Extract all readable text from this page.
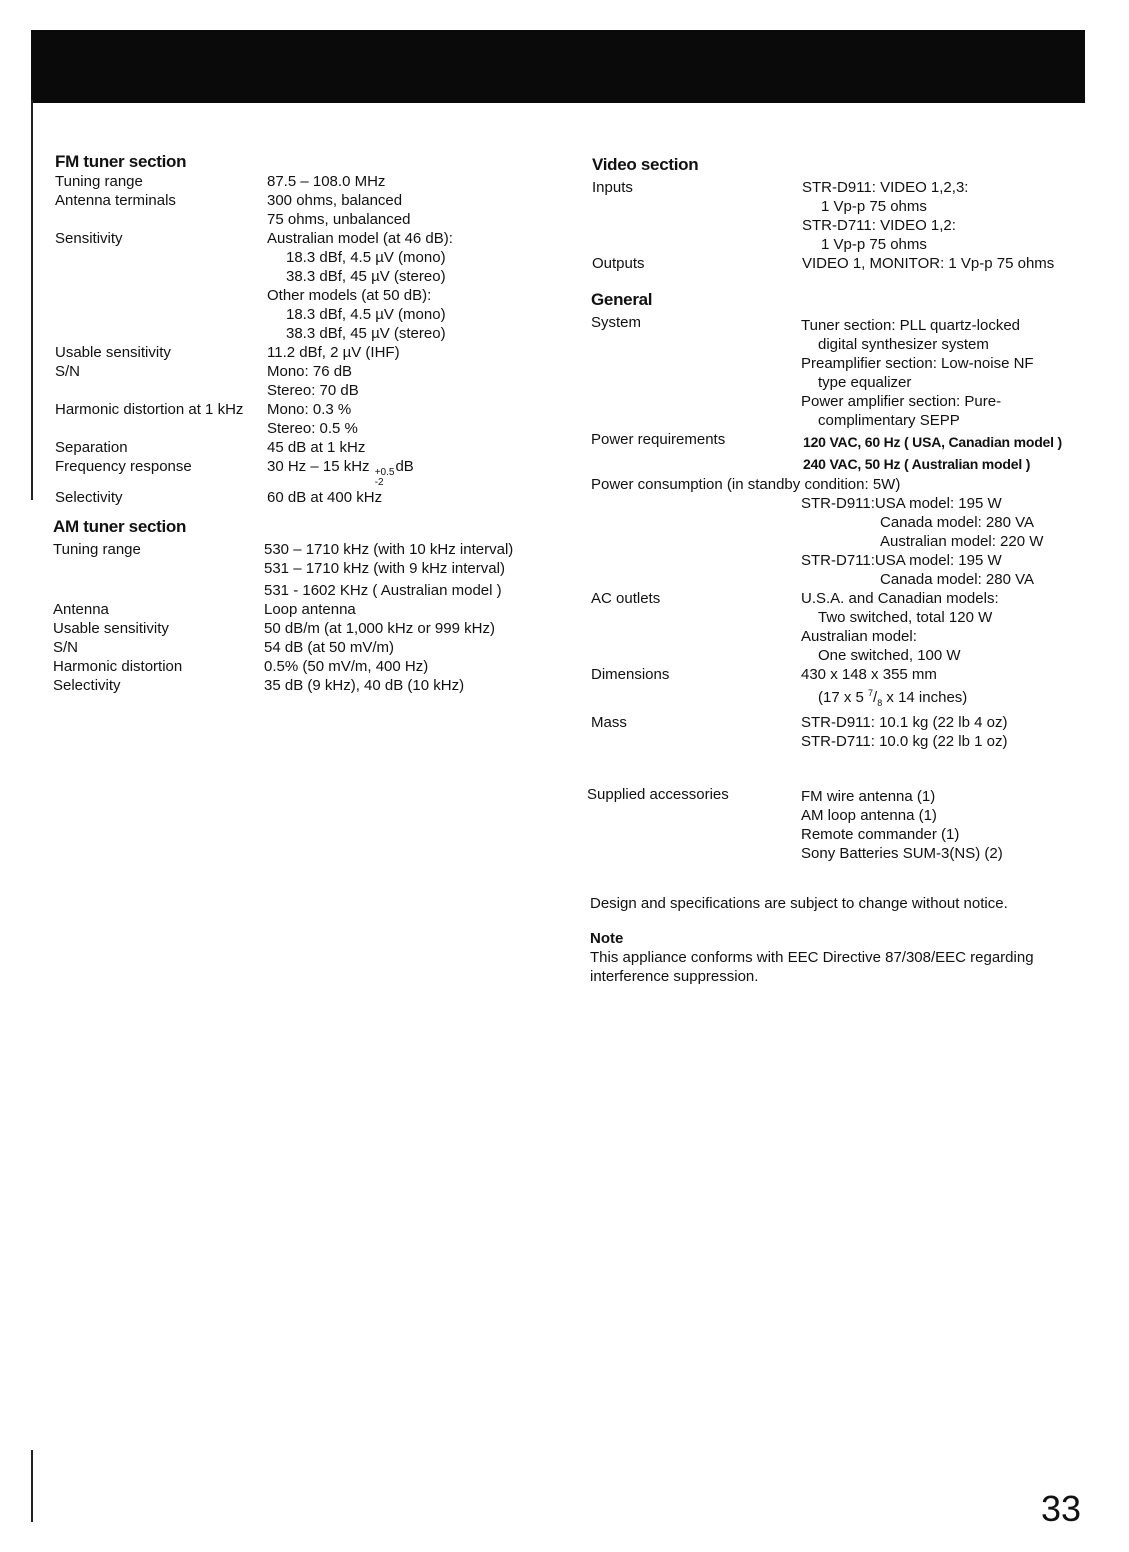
FM tuner section
Tuning range	87.5 – 108.0 MHz
Antenna terminals	300 ohms, balanced
75 ohms, unbalanced
Sensitivity	Australian model (at 46 dB):
18.3 dBf, 4.5 µV (mono)
38.3 dBf, 45 µV (stereo)
Other models (at 50 dB):
18.3 dBf, 4.5 µV (mono)
38.3 dBf, 45 µV (stereo)
Usable sensitivity	11.2 dBf, 2 µV (IHF)
S/N	Mono: 76 dB
Stereo: 70 dB
Harmonic distortion at 1 kHz	Mono: 0.3 %
Stereo: 0.5 %
Separation	45 dB at 1 kHz
Frequency response	30 Hz – 15 kHz +0.5
-2
dB
Selectivity	60 dB at 400 kHz
AM tuner section
Tuning range	530 – 1710 kHz (with 10 kHz interval)
531 – 1710 kHz (with 9 kHz interval)
531 - 1602 KHz ( Australian model )
Antenna	Loop antenna
Usable sensitivity	50 dB/m (at 1,000 kHz or 999 kHz)
S/N	54 dB (at 50 mV/m)
Harmonic distortion	0.5% (50 mV/m, 400 Hz)
Selectivity	35 dB (9 kHz), 40 dB (10 kHz)
Video section
Inputs	STR-D911: VIDEO 1,2,3:
1 Vp-p 75 ohms
STR-D711: VIDEO 1,2:
1 Vp-p 75 ohms
Outputs	VIDEO 1, MONITOR: 1 Vp-p 75 ohms
General
System	Tuner section: PLL quartz-locked
digital synthesizer system
Preamplifier section: Low-noise NF
type equalizer
Power amplifier section: Pure-
complimentary SEPP
Power requirements	120 VAC, 60 Hz ( USA, Canadian model )
240 VAC, 50 Hz ( Australian model )
Power consumption (in standby condition: 5W)
STR-D911:USA model: 195 W
Canada model: 280 VA
Australian model: 220 W
STR-D711:USA model: 195 W
Canada model: 280 VA
AC outlets	U.S.A. and Canadian models:
Two switched, total 120 W
Australian model:
One switched, 100 W
Dimensions	430 x 148 x 355 mm
(17 x 5 $^7/_8$ x 14 inches)
Mass	STR-D911: 10.1 kg (22 lb 4 oz)
STR-D711: 10.0 kg (22 lb 1 oz)
Supplied accessories	FM wire antenna (1)
AM loop antenna (1)
Remote commander (1)
Sony Batteries SUM-3(NS) (2)
Design and specifications are subject to change without notice.
Note
This appliance conforms with EEC Directive 87/308/EEC regarding
interference suppression.
33
